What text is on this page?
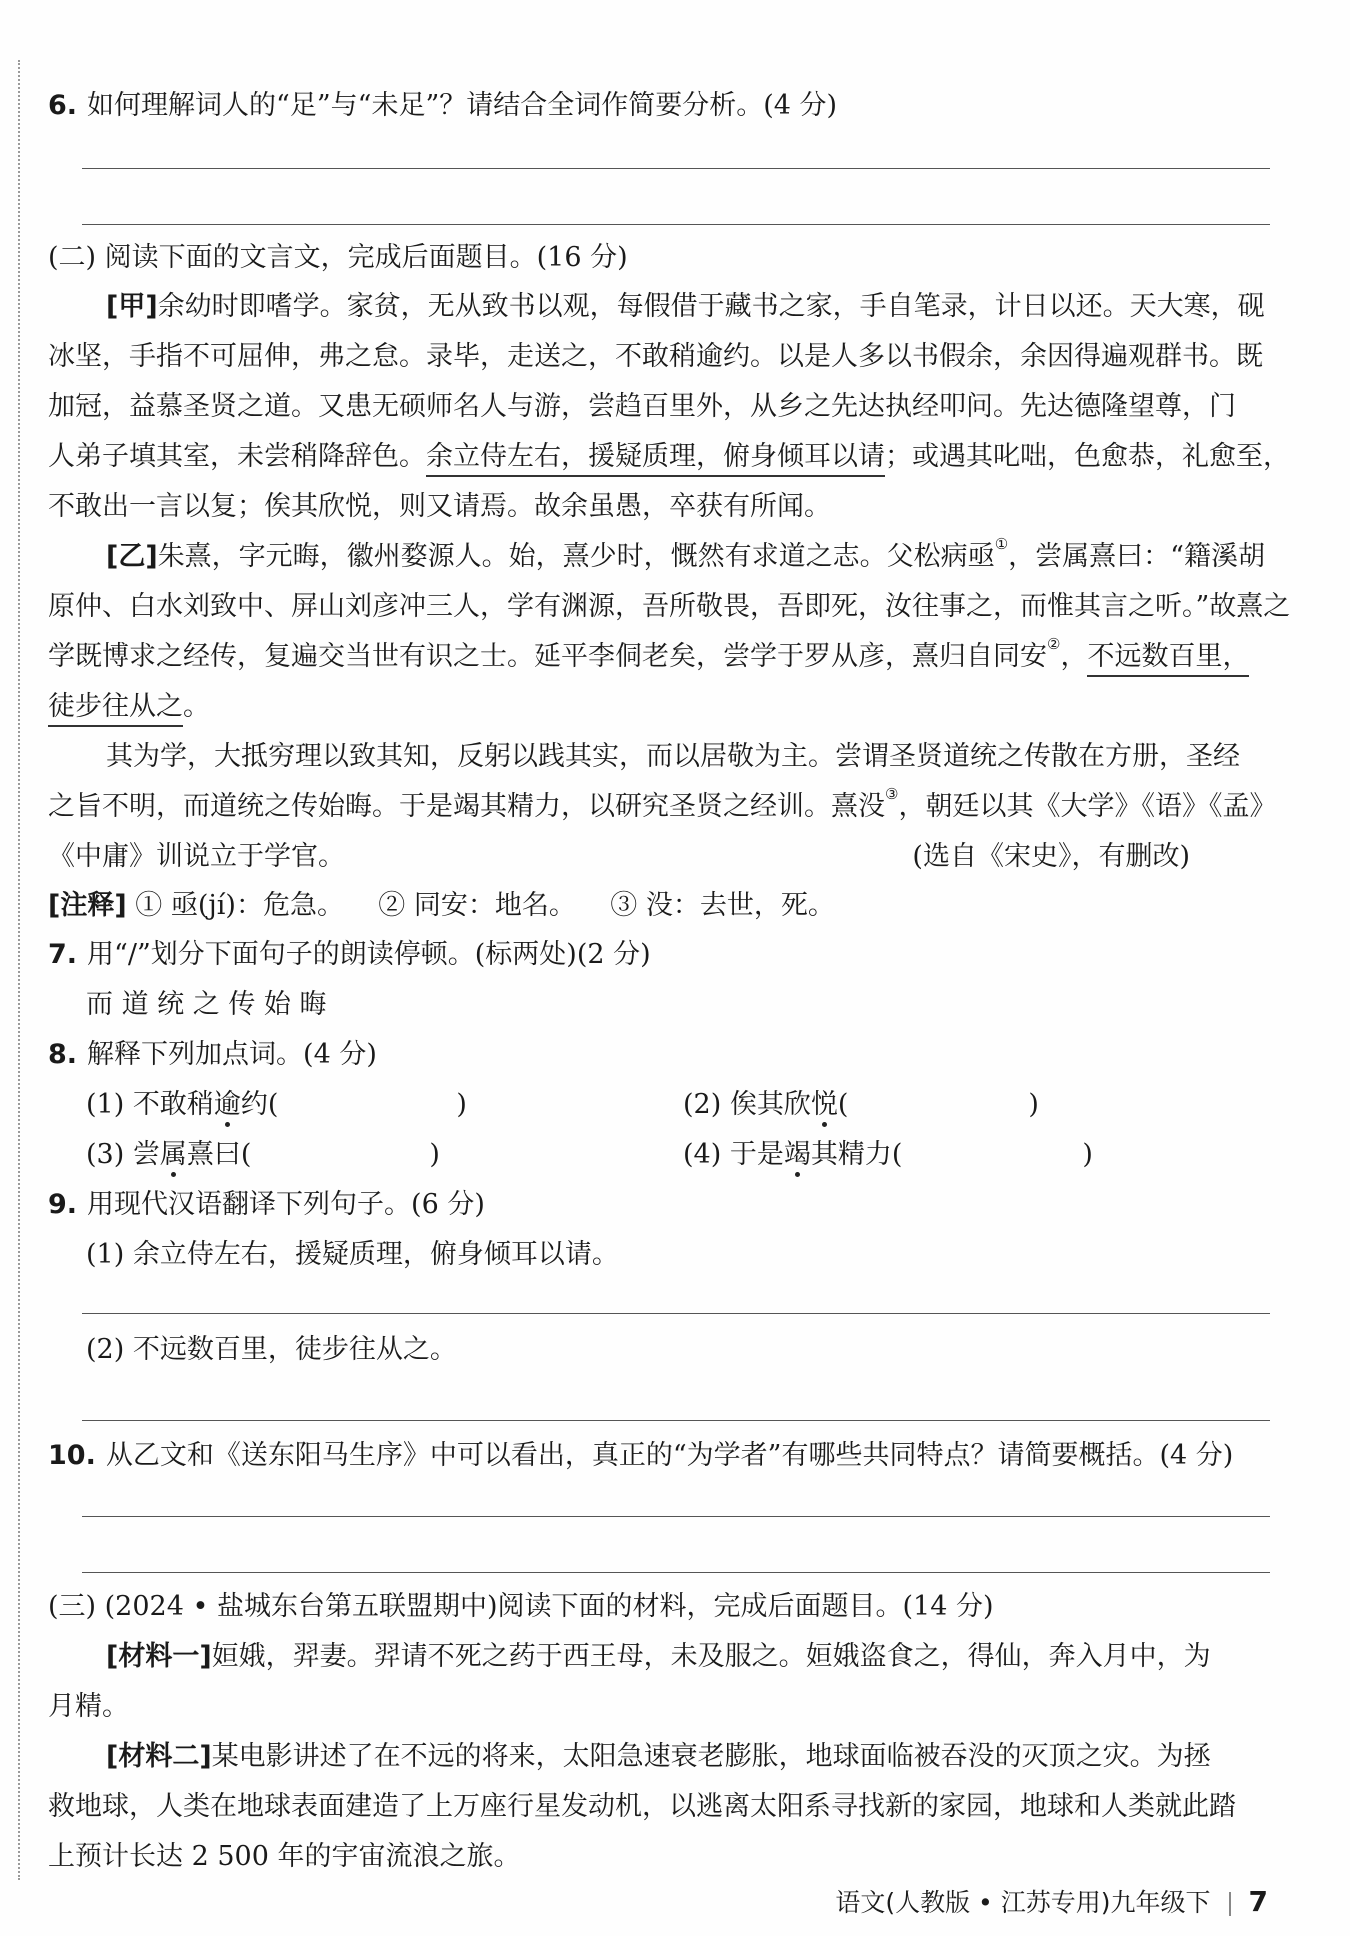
6. 如何理解词人的“足”与“未足”？请结合全词作简要分析。(4 分)
(二) 阅读下面的文言文，完成后面题目。(16 分)
[甲]余幼时即嗜学。家贫，无从致书以观，每假借于藏书之家，手自笔录，计日以还。天大寒，砚
冰坚，手指不可屈伸，弗之怠。录毕，走送之，不敢稍逾约。以是人多以书假余，余因得遍观群书。既
加冠，益慕圣贤之道。又患无硕师名人与游，尝趋百里外，从乡之先达执经叩问。先达德隆望尊，门
人弟子填其室，未尝稍降辞色。余立侍左右，援疑质理，俯身倾耳以请；或遇其叱咄，色愈恭，礼愈至，
不敢出一言以复；俟其欣悦，则又请焉。故余虽愚，卒获有所闻。
[乙]朱熹，字元晦，徽州婺源人。始，熹少时，慨然有求道之志。父松病亟①，尝属熹曰：“籍溪胡
原仲、白水刘致中、屏山刘彦冲三人，学有渊源，吾所敬畏，吾即死，汝往事之，而惟其言之听。”故熹之
学既博求之经传，复遍交当世有识之士。延平李侗老矣，尝学于罗从彦，熹归自同安②，不远数百里，
徒步往从之。
其为学，大抵穷理以致其知，反躬以践其实，而以居敬为主。尝谓圣贤道统之传散在方册，圣经
之旨不明，而道统之传始晦。于是竭其精力，以研究圣贤之经训。熹没③，朝廷以其《大学》《语》《孟》
《中庸》训说立于学官。	(选自《宋史》，有删改)
[注释] ① 亟(jí)：危急。 ② 同安：地名。 ③ 没：去世，死。
7. 用“/”划分下面句子的朗读停顿。(标两处)(2 分)
而 道 统 之 传 始 晦
8. 解释下列加点词。(4 分)
(1) 不敢稍逾约(	)	(2) 俟其欣悦(	)
(3) 尝属熹曰(	)	(4) 于是竭其精力(	)
9. 用现代汉语翻译下列句子。(6 分)
(1) 余立侍左右，援疑质理，俯身倾耳以请。
(2) 不远数百里，徒步往从之。
10. 从乙文和《送东阳马生序》中可以看出，真正的“为学者”有哪些共同特点？请简要概括。(4 分)
(三) (2024 • 盐城东台第五联盟期中)阅读下面的材料，完成后面题目。(14 分)
[材料一]姮娥，羿妻。羿请不死之药于西王母，未及服之。姮娥盗食之，得仙，奔入月中，为
月精。
[材料二]某电影讲述了在不远的将来，太阳急速衰老膨胀，地球面临被吞没的灭顶之灾。为拯
救地球，人类在地球表面建造了上万座行星发动机，以逃离太阳系寻找新的家园，地球和人类就此踏
上预计长达 2 500 年的宇宙流浪之旅。
语文(人教版 • 江苏专用)九年级下 7
